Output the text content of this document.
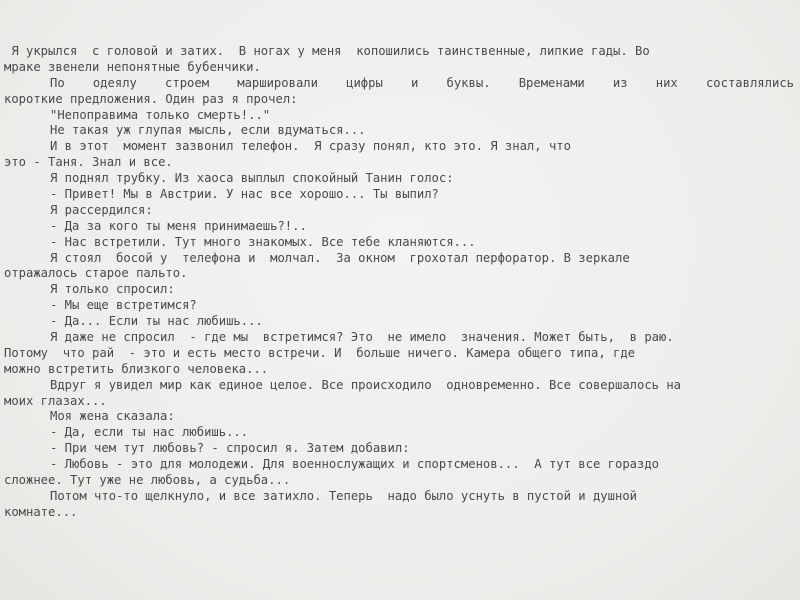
Я укрылся  с головой и затих.  В ногах у меня  копошились таинственные, липкие гады. Во
мраке звенели непонятные бубенчики.
По одеялу строем маршировали цифры и буквы. Временами из них составлялись
короткие предложения. Один раз я прочел:
"Непоправима только смерть!.."
Не такая уж глупая мысль, если вдуматься...
И в этот  момент зазвонил телефон.  Я сразу понял, кто это. Я знал, что
это - Таня. Знал и все.
Я поднял трубку. Из хаоса выплыл спокойный Танин голос:
- Привет! Мы в Австрии. У нас все хорошо... Ты выпил?
Я рассердился:
- Да за кого ты меня принимаешь?!..
- Нас встретили. Тут много знакомых. Все тебе кланяются...
Я стоял  босой у  телефона и  молчал.  За окном  грохотал перфоратор. В зеркале
отражалось старое пальто.
Я только спросил:
- Мы еще встретимся?
- Да... Если ты нас любишь...
Я даже не спросил  - где мы  встретимся? Это  не имело  значения. Может быть,  в раю.
Потому  что рай  - это и есть место встречи. И  больше ничего. Камера общего типа, где
можно встретить близкого человека...
Вдруг я увидел мир как единое целое. Все происходило  одновременно. Все совершалось на
моих глазах...
Моя жена сказала:
- Да, если ты нас любишь...
- При чем тут любовь? - спросил я. Затем добавил:
- Любовь - это для молодежи. Для военнослужащих и спортсменов...  А тут все гораздо
сложнее. Тут уже не любовь, а судьба...
Потом что-то щелкнуло, и все затихло. Теперь  надо было уснуть в пустой и душной
комнате...
